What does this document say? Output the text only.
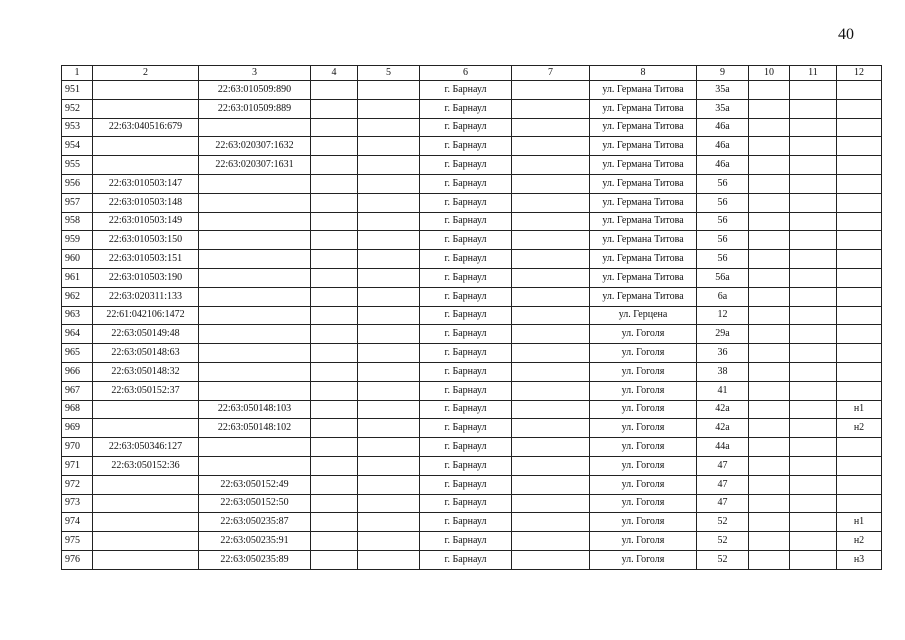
40
1	2	3	4	5	6	7	8	9	10	11	12
951		22:63:010509:890			г. Барнаул		ул. Германа Титова	35а			
952		22:63:010509:889			г. Барнаул		ул. Германа Титова	35а			
953	22:63:040516:679				г. Барнаул		ул. Германа Титова	46а			
954		22:63:020307:1632			г. Барнаул		ул. Германа Титова	46а			
955		22:63:020307:1631			г. Барнаул		ул. Германа Титова	46а			
956	22:63:010503:147				г. Барнаул		ул. Германа Титова	56			
957	22:63:010503:148				г. Барнаул		ул. Германа Титова	56			
958	22:63:010503:149				г. Барнаул		ул. Германа Титова	56			
959	22:63:010503:150				г. Барнаул		ул. Германа Титова	56			
960	22:63:010503:151				г. Барнаул		ул. Германа Титова	56			
961	22:63:010503:190				г. Барнаул		ул. Германа Титова	56а			
962	22:63:020311:133				г. Барнаул		ул. Германа Титова	6а			
963	22:61:042106:1472				г. Барнаул		ул. Герцена	12			
964	22:63:050149:48				г. Барнаул		ул. Гоголя	29а			
965	22:63:050148:63				г. Барнаул		ул. Гоголя	36			
966	22:63:050148:32				г. Барнаул		ул. Гоголя	38			
967	22:63:050152:37				г. Барнаул		ул. Гоголя	41			
968		22:63:050148:103			г. Барнаул		ул. Гоголя	42а			н1
969		22:63:050148:102			г. Барнаул		ул. Гоголя	42а			н2
970	22:63:050346:127				г. Барнаул		ул. Гоголя	44а			
971	22:63:050152:36				г. Барнаул		ул. Гоголя	47			
972		22:63:050152:49			г. Барнаул		ул. Гоголя	47			
973		22:63:050152:50			г. Барнаул		ул. Гоголя	47			
974		22:63:050235:87			г. Барнаул		ул. Гоголя	52			н1
975		22:63:050235:91			г. Барнаул		ул. Гоголя	52			н2
976		22:63:050235:89			г. Барнаул		ул. Гоголя	52			н3
